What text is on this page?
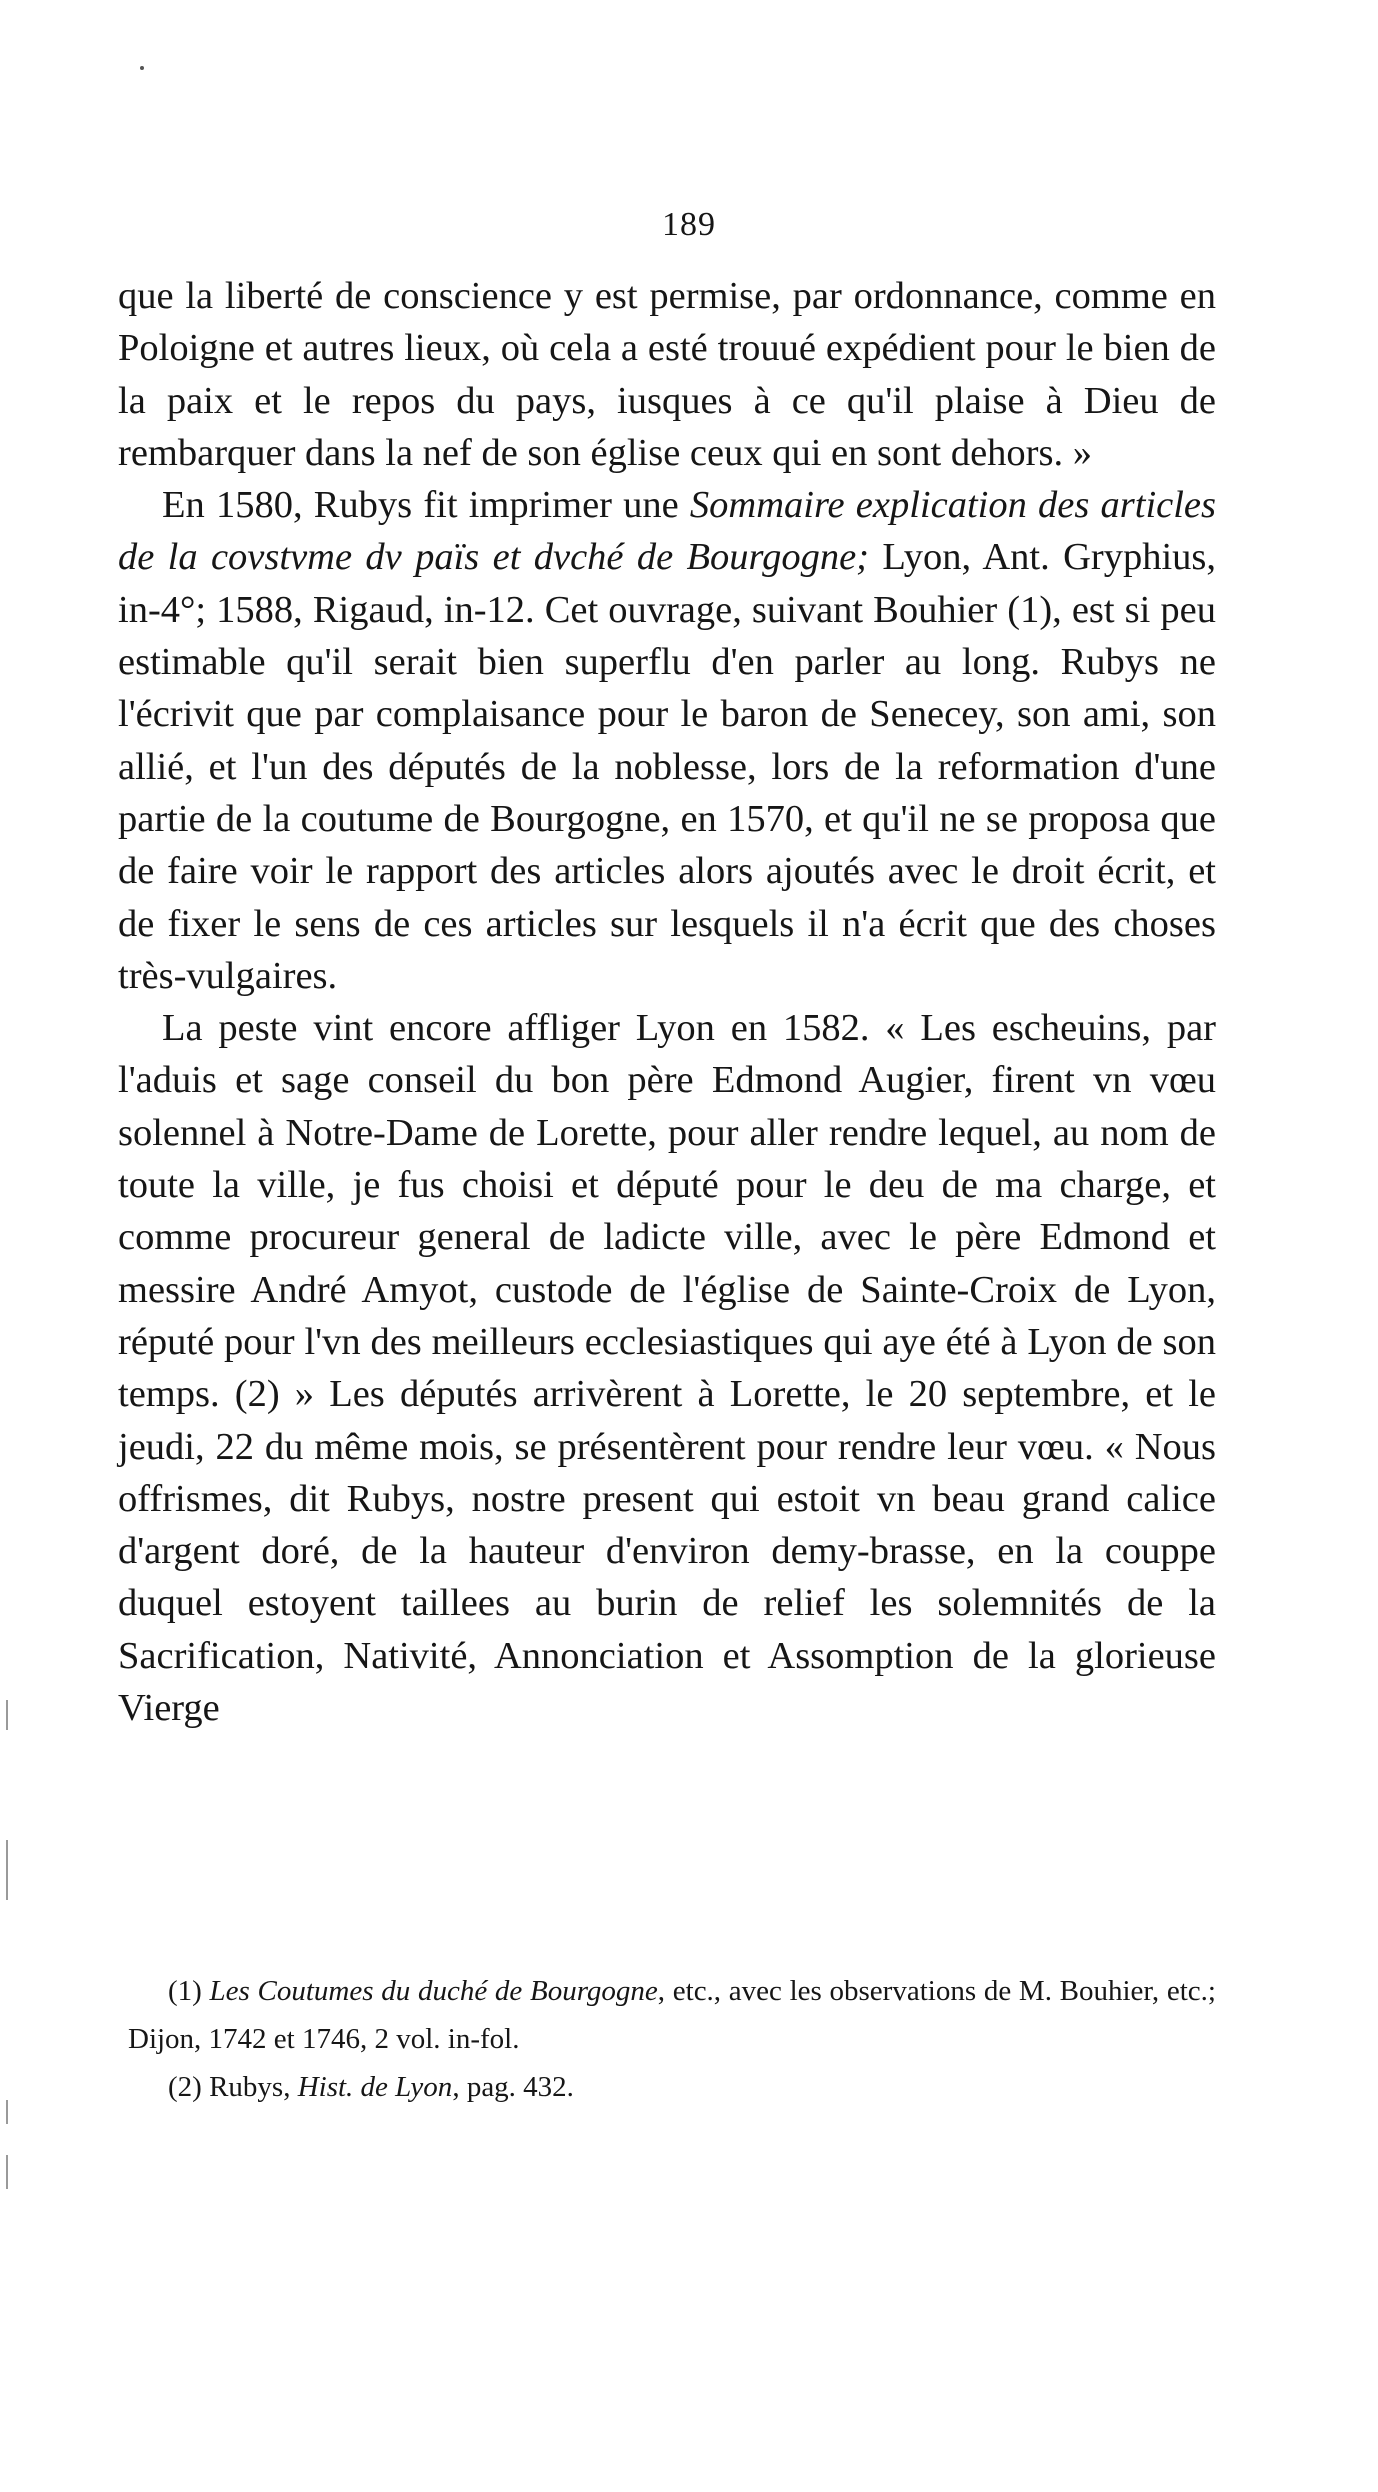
189

que la liberté de conscience y est permise, par ordonnance, comme en Poloigne et autres lieux, où cela a esté trouué expédient pour le bien de la paix et le repos du pays, iusques à ce qu'il plaise à Dieu de rembarquer dans la nef de son église ceux qui en sont dehors. »

En 1580, Rubys fit imprimer une Sommaire explication des articles de la covstvme dv païs et dvché de Bourgogne; Lyon, Ant. Gryphius, in-4°; 1588, Rigaud, in-12. Cet ouvrage, suivant Bouhier (1), est si peu estimable qu'il serait bien superflu d'en parler au long. Rubys ne l'écrivit que par complaisance pour le baron de Senecey, son ami, son allié, et l'un des députés de la noblesse, lors de la reformation d'une partie de la coutume de Bourgogne, en 1570, et qu'il ne se proposa que de faire voir le rapport des articles alors ajoutés avec le droit écrit, et de fixer le sens de ces articles sur lesquels il n'a écrit que des choses très-vulgaires.

La peste vint encore affliger Lyon en 1582. « Les escheuins, par l'aduis et sage conseil du bon père Edmond Augier, firent vn vœu solennel à Notre-Dame de Lorette, pour aller rendre lequel, au nom de toute la ville, je fus choisi et député pour le deu de ma charge, et comme procureur general de ladicte ville, avec le père Edmond et messire André Amyot, custode de l'église de Sainte-Croix de Lyon, réputé pour l'vn des meilleurs ecclesiastiques qui aye été à Lyon de son temps. (2) » Les députés arrivèrent à Lorette, le 20 septembre, et le jeudi, 22 du même mois, se présentèrent pour rendre leur vœu. « Nous offrismes, dit Rubys, nostre present qui estoit vn beau grand calice d'argent doré, de la hauteur d'environ demy-brasse, en la couppe duquel estoyent taillees au burin de relief les solemnités de la Sacrification, Nativité, Annonciation et Assomption de la glorieuse Vierge

(1) Les Coutumes du duché de Bourgogne, etc., avec les observations de M. Bouhier, etc.; Dijon, 1742 et 1746, 2 vol. in-fol.

(2) Rubys, Hist. de Lyon, pag. 432.
